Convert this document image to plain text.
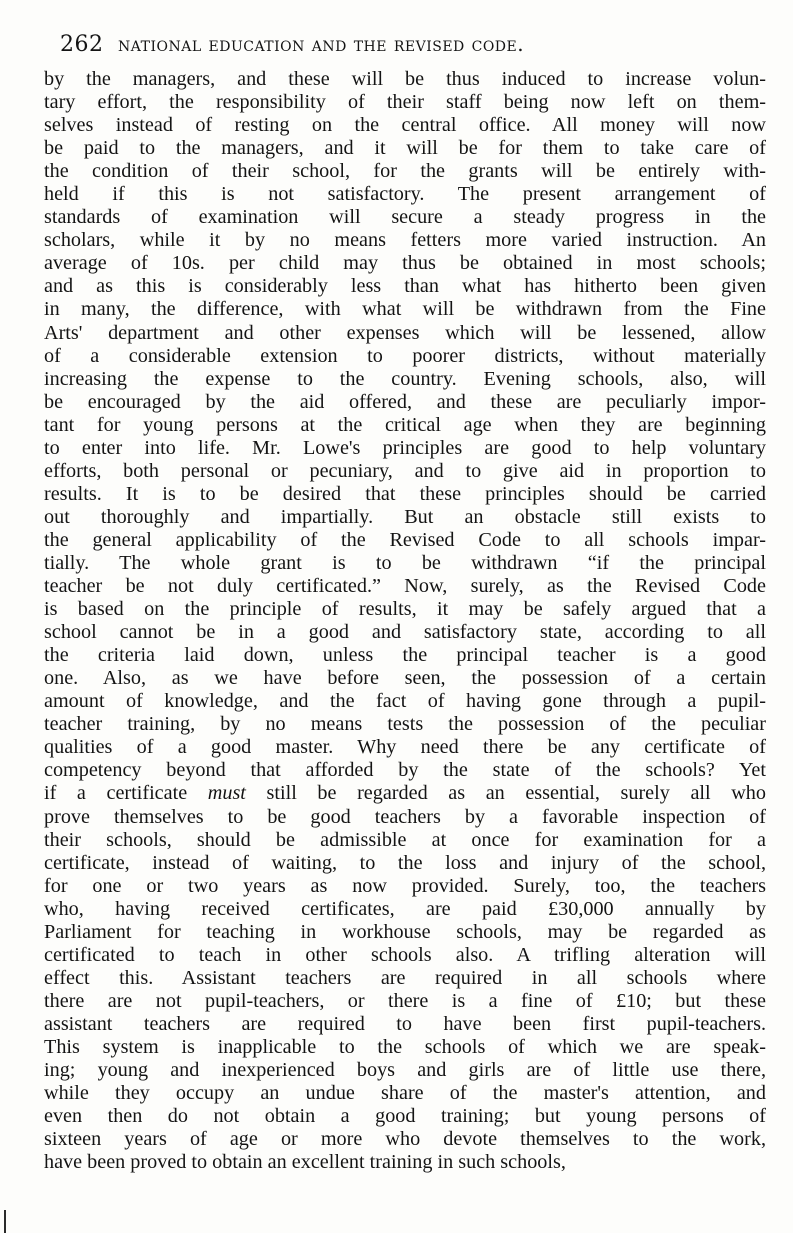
262 national education and the revised code.
by the managers, and these will be thus induced to increase volun-
tary effort, the responsibility of their staff being now left on them-
selves instead of resting on the central office. All money will now
be paid to the managers, and it will be for them to take care of
the condition of their school, for the grants will be entirely with-
held if this is not satisfactory. The present arrangement of
standards of examination will secure a steady progress in the
scholars, while it by no means fetters more varied instruction. An
average of 10s. per child may thus be obtained in most schools;
and as this is considerably less than what has hitherto been given
in many, the difference, with what will be withdrawn from the Fine
Arts' department and other expenses which will be lessened, allow
of a considerable extension to poorer districts, without materially
increasing the expense to the country. Evening schools, also, will
be encouraged by the aid offered, and these are peculiarly impor-
tant for young persons at the critical age when they are beginning
to enter into life. Mr. Lowe's principles are good to help voluntary
efforts, both personal or pecuniary, and to give aid in proportion to
results. It is to be desired that these principles should be carried
out thoroughly and impartially. But an obstacle still exists to
the general applicability of the Revised Code to all schools impar-
tially. The whole grant is to be withdrawn “if the principal
teacher be not duly certificated.” Now, surely, as the Revised Code
is based on the principle of results, it may be safely argued that a
school cannot be in a good and satisfactory state, according to all
the criteria laid down, unless the principal teacher is a good
one. Also, as we have before seen, the possession of a certain
amount of knowledge, and the fact of having gone through a pupil-
teacher training, by no means tests the possession of the peculiar
qualities of a good master. Why need there be any certificate of
competency beyond that afforded by the state of the schools? Yet
if a certificate must still be regarded as an essential, surely all who
prove themselves to be good teachers by a favorable inspection of
their schools, should be admissible at once for examination for a
certificate, instead of waiting, to the loss and injury of the school,
for one or two years as now provided. Surely, too, the teachers
who, having received certificates, are paid £30,000 annually by
Parliament for teaching in workhouse schools, may be regarded as
certificated to teach in other schools also. A trifling alteration will
effect this. Assistant teachers are required in all schools where
there are not pupil-teachers, or there is a fine of £10; but these
assistant teachers are required to have been first pupil-teachers.
This system is inapplicable to the schools of which we are speak-
ing; young and inexperienced boys and girls are of little use there,
while they occupy an undue share of the master's attention, and
even then do not obtain a good training; but young persons of
sixteen years of age or more who devote themselves to the work,
have been proved to obtain an excellent training in such schools,
